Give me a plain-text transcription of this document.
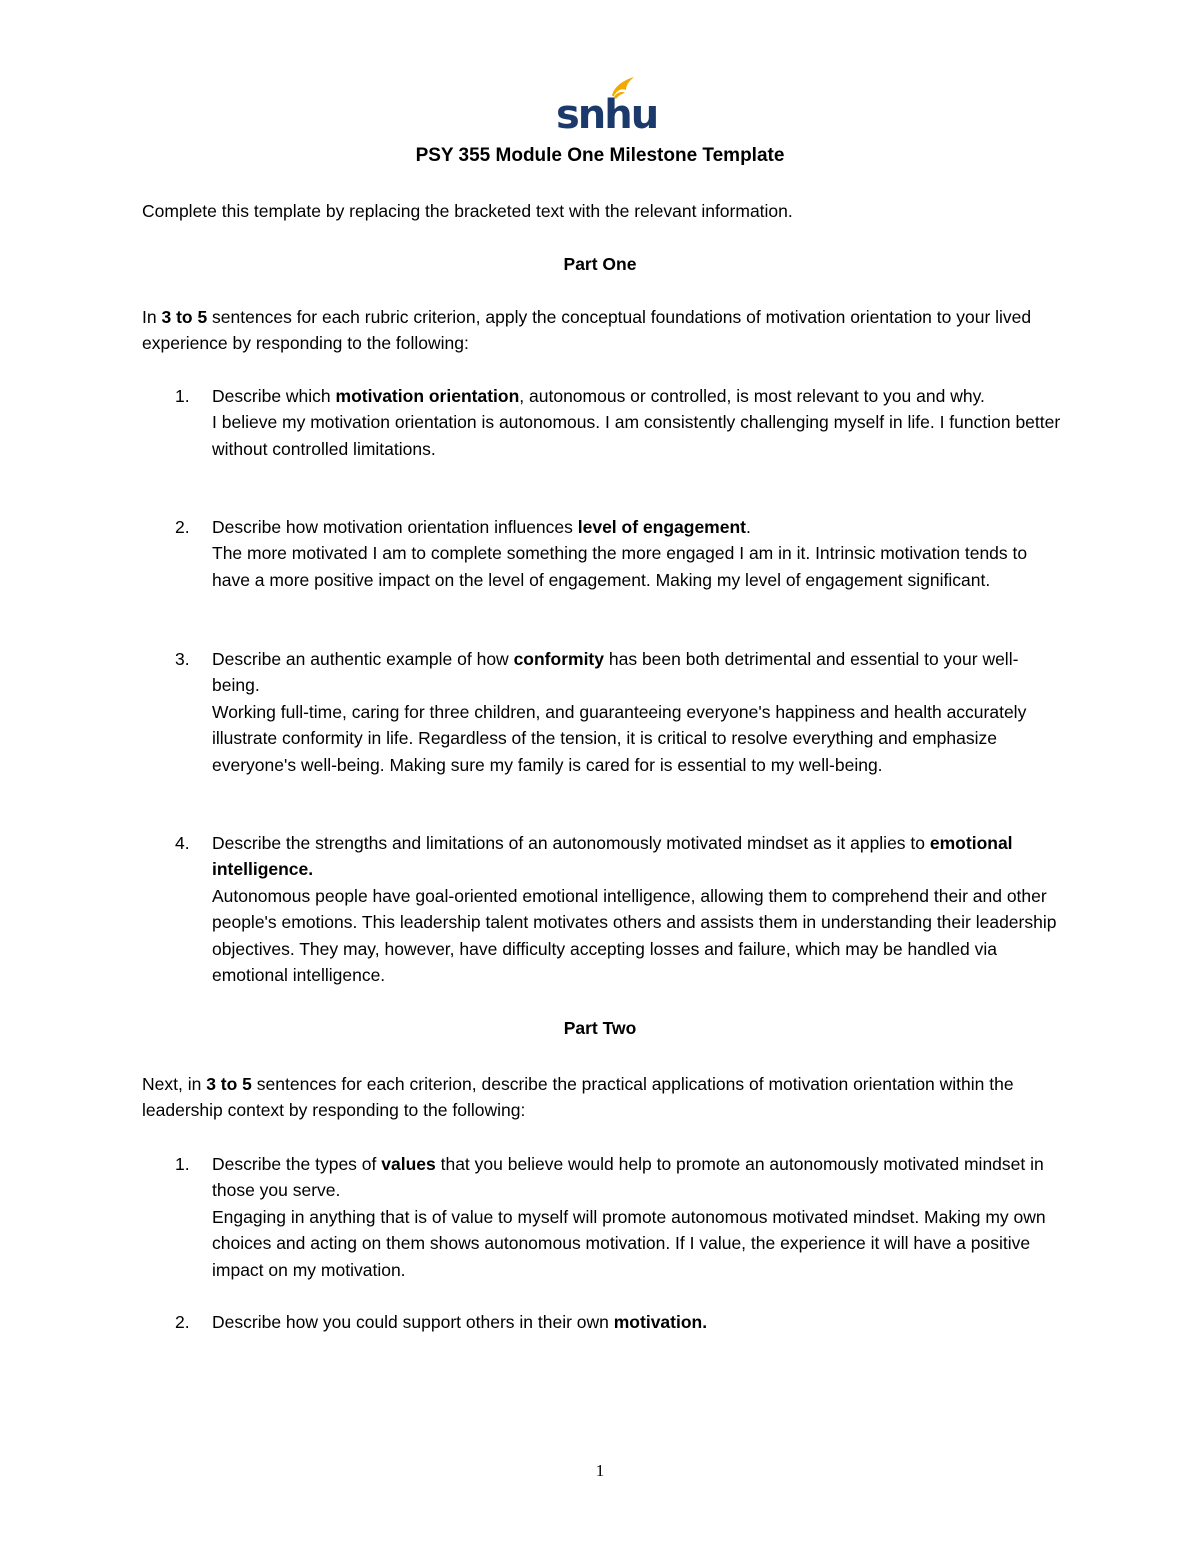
snhu
PSY 355 Module One Milestone Template
Complete this template by replacing the bracketed text with the relevant information.
Part One
In 3 to 5 sentences for each rubric criterion, apply the conceptual foundations of motivation orientation to your lived experience by responding to the following:
1. Describe which motivation orientation, autonomous or controlled, is most relevant to you and why.
I believe my motivation orientation is autonomous. I am consistently challenging myself in life. I function better without controlled limitations.
2. Describe how motivation orientation influences level of engagement.
The more motivated I am to complete something the more engaged I am in it. Intrinsic motivation tends to have a more positive impact on the level of engagement. Making my level of engagement significant.
3. Describe an authentic example of how conformity has been both detrimental and essential to your well-being.
Working full-time, caring for three children, and guaranteeing everyone's happiness and health accurately illustrate conformity in life. Regardless of the tension, it is critical to resolve everything and emphasize everyone's well-being. Making sure my family is cared for is essential to my well-being.
4. Describe the strengths and limitations of an autonomously motivated mindset as it applies to emotional intelligence.
Autonomous people have goal-oriented emotional intelligence, allowing them to comprehend their and other people's emotions. This leadership talent motivates others and assists them in understanding their leadership objectives. They may, however, have difficulty accepting losses and failure, which may be handled via emotional intelligence.
Part Two
Next, in 3 to 5 sentences for each criterion, describe the practical applications of motivation orientation within the leadership context by responding to the following:
1. Describe the types of values that you believe would help to promote an autonomously motivated mindset in those you serve.
Engaging in anything that is of value to myself will promote autonomous motivated mindset. Making my own choices and acting on them shows autonomous motivation. If I value, the experience it will have a positive impact on my motivation.
2. Describe how you could support others in their own motivation.
1
